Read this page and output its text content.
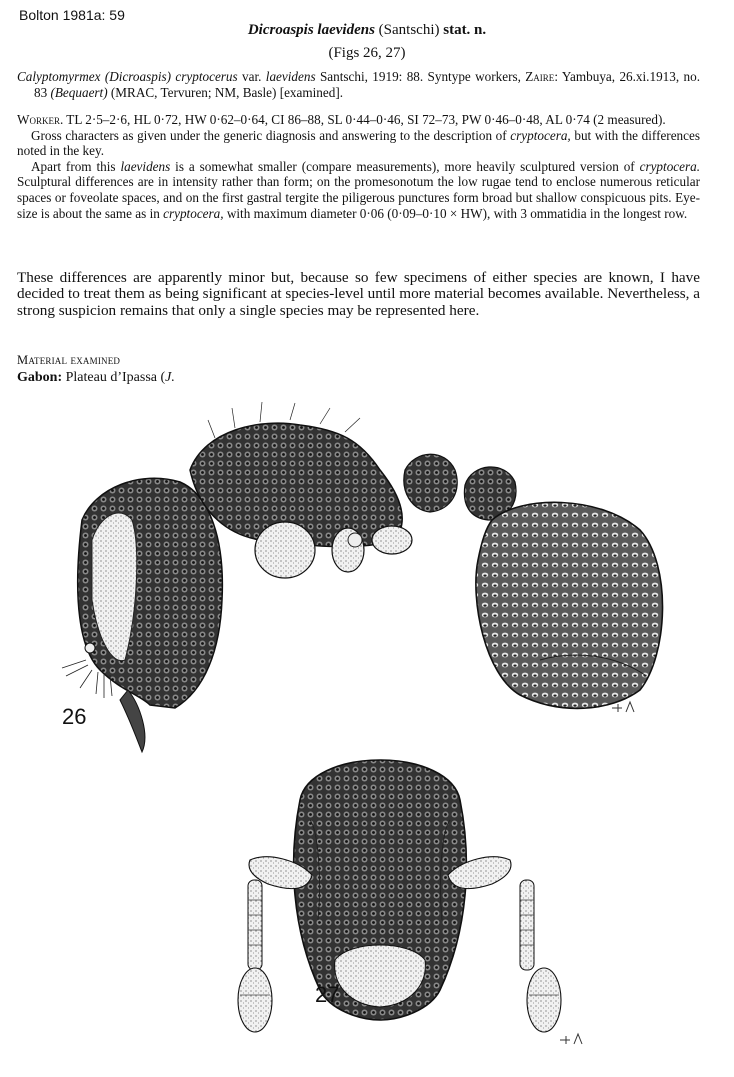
Bolton 1981a: 59
Dicroaspis laevidens (Santschi) stat. n.
(Figs 26, 27)

Calyptomyrmex (Dicroaspis) cryptocerus var. laevidens Santschi, 1919: 88. Syntype workers, Zaire: Yambuya, 26.xi.1913, no. 83 (Bequaert) (MRAC, Tervuren; NM, Basle) [examined].

Worker. TL 2·5–2·6, HL 0·72, HW 0·62–0·64, CI 86–88, SL 0·44–0·46, SI 72–73, PW 0·46–0·48, AL 0·74 (2 measured).

Gross characters as given under the generic diagnosis and answering to the description of cryptocera, but with the differences noted in the key.

Apart from this laevidens is a somewhat smaller (compare measurements), more heavily sculptured version of cryptocera. Sculptural differences are in intensity rather than form; on the promesonotum the low rugae tend to enclose numerous reticular spaces or foveolate spaces, and on the first gastral tergite the piligerous punctures form broad but shallow conspicuous pits. Eye-size is about the same as in cryptocera, with maximum diameter 0·06 (0·09–0·10 × HW), with 3 ommatidia in the longest row.

These differences are apparently minor but, because so few specimens of either species are known, I have decided to treat them as being significant at species-level until more material becomes available. Nevertheless, a strong suspicion remains that only a single species may be represented here.
Material examined
Gabon: Plateau d’Ipassa (J.
26
27
